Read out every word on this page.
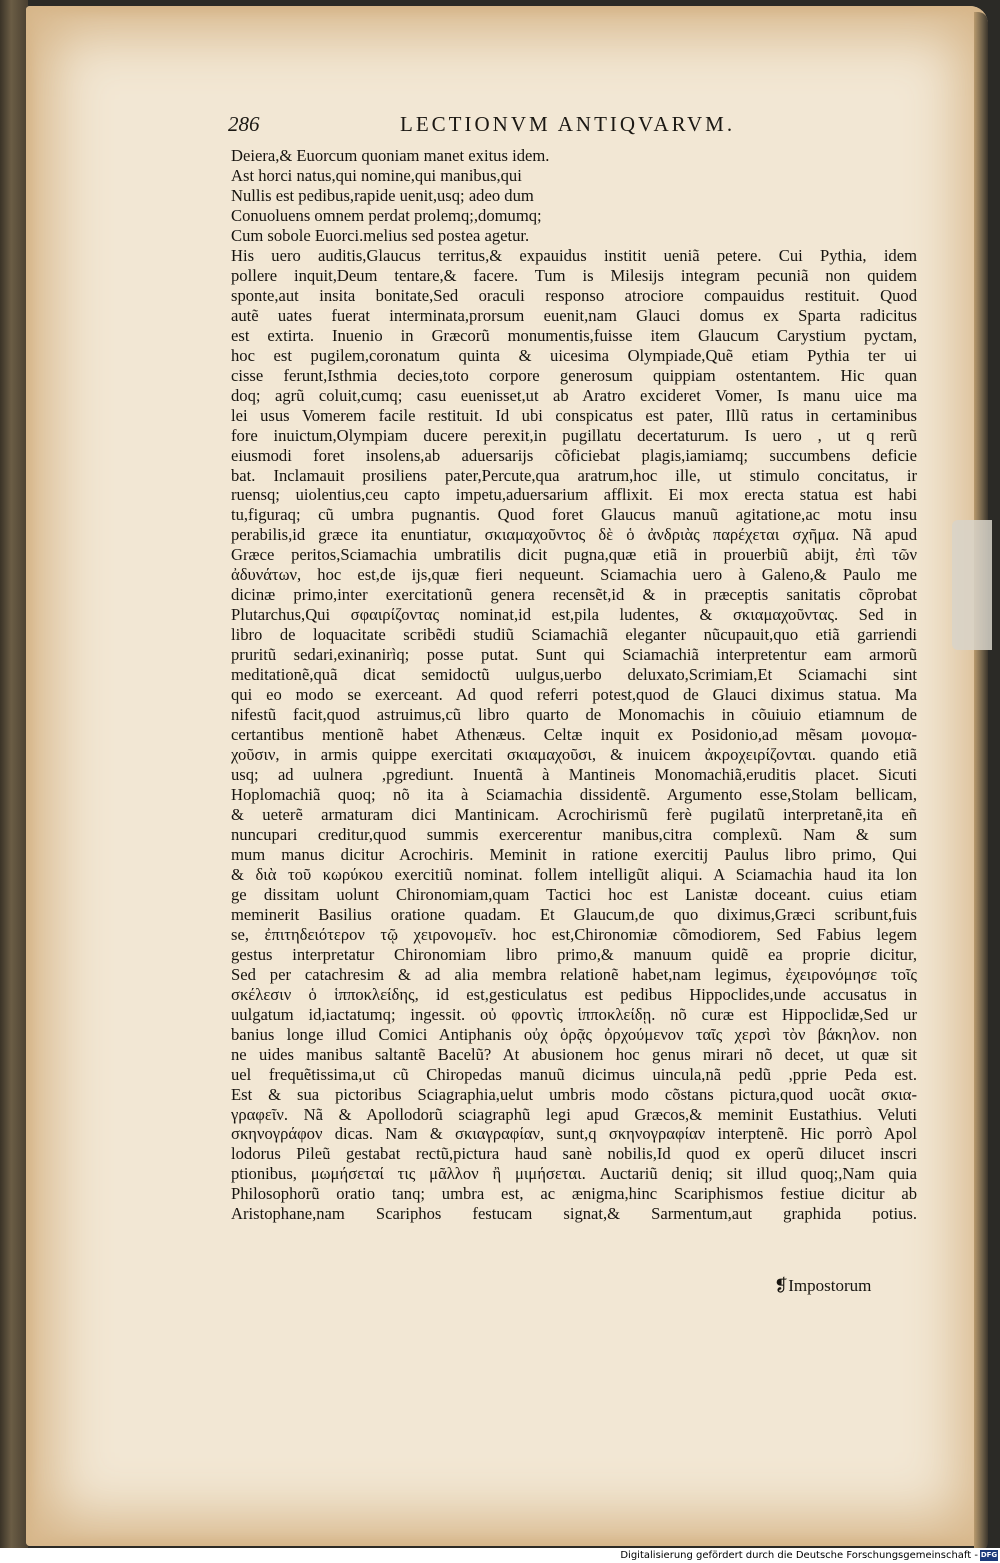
286	LECTIONVM ANTIQVARVM.
Deiera,& Euorcum quoniam manet exitus idem.
Ast horci natus,qui nomine,qui manibus,qui
Nullis est pedibus,rapide uenit,usq; adeo dum
Conuoluens omnem perdat prolemq;,domumq;
Cum sobole Euorci.melius sed postea agetur.
His uero auditis,Glaucus territus,& expauidus institit ueniã petere. Cui Pythia, idem
pollere inquit,Deum tentare,& facere. Tum is Milesijs integram pecuniã non quidem
sponte,aut insita bonitate,Sed oraculi responso atrociore compauidus restituit. Quod
autẽ uates fuerat interminata,prorsum euenit,nam Glauci domus ex Sparta radicitus
est extirta. Inuenio in Græcorũ monumentis,fuisse item Glaucum Carystium pyctam,
hoc est pugilem,coronatum quinta & uicesima Olympiade,Quẽ etiam Pythia ter ui
cisse ferunt,Isthmia decies,toto corpore generosum quippiam ostentantem. Hic quan
doq; agrũ coluit,cumq; casu euenisset,ut ab Aratro excideret Vomer, Is manu uice ma
lei usus Vomerem facile restituit. Id ubi conspicatus est pater, Illũ ratus in certaminibus
fore inuictum,Olympiam ducere perexit,in pugillatu decertaturum. Is uero , ut q rerũ
eiusmodi foret insolens,ab aduersarijs cõficiebat plagis,iamiamq; succumbens deficie
bat. Inclamauit prosiliens pater,Percute,qua aratrum,hoc ille, ut stimulo concitatus, ir
ruensq; uiolentius,ceu capto impetu,aduersarium afflixit. Ei mox erecta statua est habi
tu,figuraq; cũ umbra pugnantis. Quod foret Glaucus manuũ agitatione,ac motu insu
perabilis,id græce ita enuntiatur, σκιαμαχοῦντος δὲ ὁ ἀνδριὰς παρέχεται σχῆμα. Nã apud
Græce peritos,Sciamachia umbratilis dicit pugna,quæ etiã in prouerbiũ abijt, ἐπὶ τῶν
ἀδυνάτων, hoc est,de ijs,quæ fieri nequeunt. Sciamachia uero à Galeno,& Paulo me
dicinæ primo,inter exercitationũ genera recensẽt,id & in præceptis sanitatis cõprobat
Plutarchus,Qui σφαιρίζοντας nominat,id est,pila ludentes, & σκιαμαχοῦντας. Sed in
libro de loquacitate scribẽdi studiũ Sciamachiã eleganter nũcupauit,quo etiã garriendi
pruritũ sedari,exinanirìq; posse putat. Sunt qui Sciamachiã interpretentur eam armorũ
meditationẽ,quã dicat semidoctũ uulgus,uerbo deluxato,Scrimiam,Et Sciamachi sint
qui eo modo se exerceant. Ad quod referri potest,quod de Glauci diximus statua. Ma
nifestũ facit,quod astruimus,cũ libro quarto de Monomachis in cõuiuio etiamnum de
certantibus mentionẽ habet Athenæus. Celtæ inquit ex Posidonio,ad mẽsam μονομα-
χοῦσιν, in armis quippe exercitati σκιαμαχοῦσι, & inuicem ἀκροχειρίζονται. quando etiã
usq; ad uulnera ,pgrediunt. Inuentã à Mantineis Monomachiã,eruditis placet. Sicuti
Hoplomachiã quoq; nõ ita à Sciamachia dissidentẽ. Argumento esse,Stolam bellicam,
& ueterẽ armaturam dici Mantinicam. Acrochirismũ ferè pugilatũ interpretanẽ,ita eñ
nuncupari creditur,quod summis exercerentur manibus,citra complexũ. Nam & sum
mum manus dicitur Acrochiris. Meminit in ratione exercitij Paulus libro primo, Qui
& διὰ τοῦ κωρύκου exercitiũ nominat. follem intelligũt aliqui. A Sciamachia haud ita lon
ge dissitam uolunt Chironomiam,quam Tactici hoc est Lanistæ doceant. cuius etiam
meminerit Basilius oratione quadam. Et Glaucum,de quo diximus,Græci scribunt,fuis
se, ἐπιτηδειότερον τῷ χειρονομεῖν. hoc est,Chironomiæ cõmodiorem, Sed Fabius legem
gestus interpretatur Chironomiam libro primo,& manuum quidẽ ea proprie dicitur,
Sed per catachresim & ad alia membra relationẽ habet,nam legimus, ἐχειρονόμησε τοῖς
σκέλεσιν ὁ ἱπποκλείδης, id est,gesticulatus est pedibus Hippoclides,unde accusatus in
uulgatum id,iactatumq; ingessit. οὐ φροντὶς ἱπποκλείδῃ. nõ curæ est Hippoclidæ,Sed ur
banius longe illud Comici Antiphanis οὐχ ὁρᾷς ὀρχούμενον ταῖς χερσὶ τὸν βάκηλον. non
ne uides manibus saltantẽ Bacelũ? At abusionem hoc genus mirari nõ decet, ut quæ sit
uel frequẽtissima,ut cũ Chiropedas manuũ dicimus uincula,nã pedũ ,pprie Peda est.
Est & sua pictoribus Sciagraphia,uelut umbris modo cõstans pictura,quod uocãt σκια-
γραφεῖν. Nã & Apollodorũ sciagraphũ legi apud Græcos,& meminit Eustathius. Veluti
σκηνογράφον dicas. Nam & σκιαγραφίαν, sunt,q σκηνογραφίαν interptenẽ. Hic porrò Apol
lodorus Pileũ gestabat rectũ,pictura haud sanè nobilis,Id quod ex operũ dilucet inscri
ptionibus, μωμήσεταί τις μᾶλλον ἢ μιμήσεται. Auctariũ deniq; sit illud quoq;,Nam quia
Philosophorũ oratio tanq; umbra est, ac ænigma,hinc Scariphismos festiue dicitur ab
Aristophane,nam Scariphos festucam signat,& Sarmentum,aut graphida potius.
❡Impostorum
Digitalisierung gefördert durch die Deutsche Forschungsgemeinschaft - DFG
